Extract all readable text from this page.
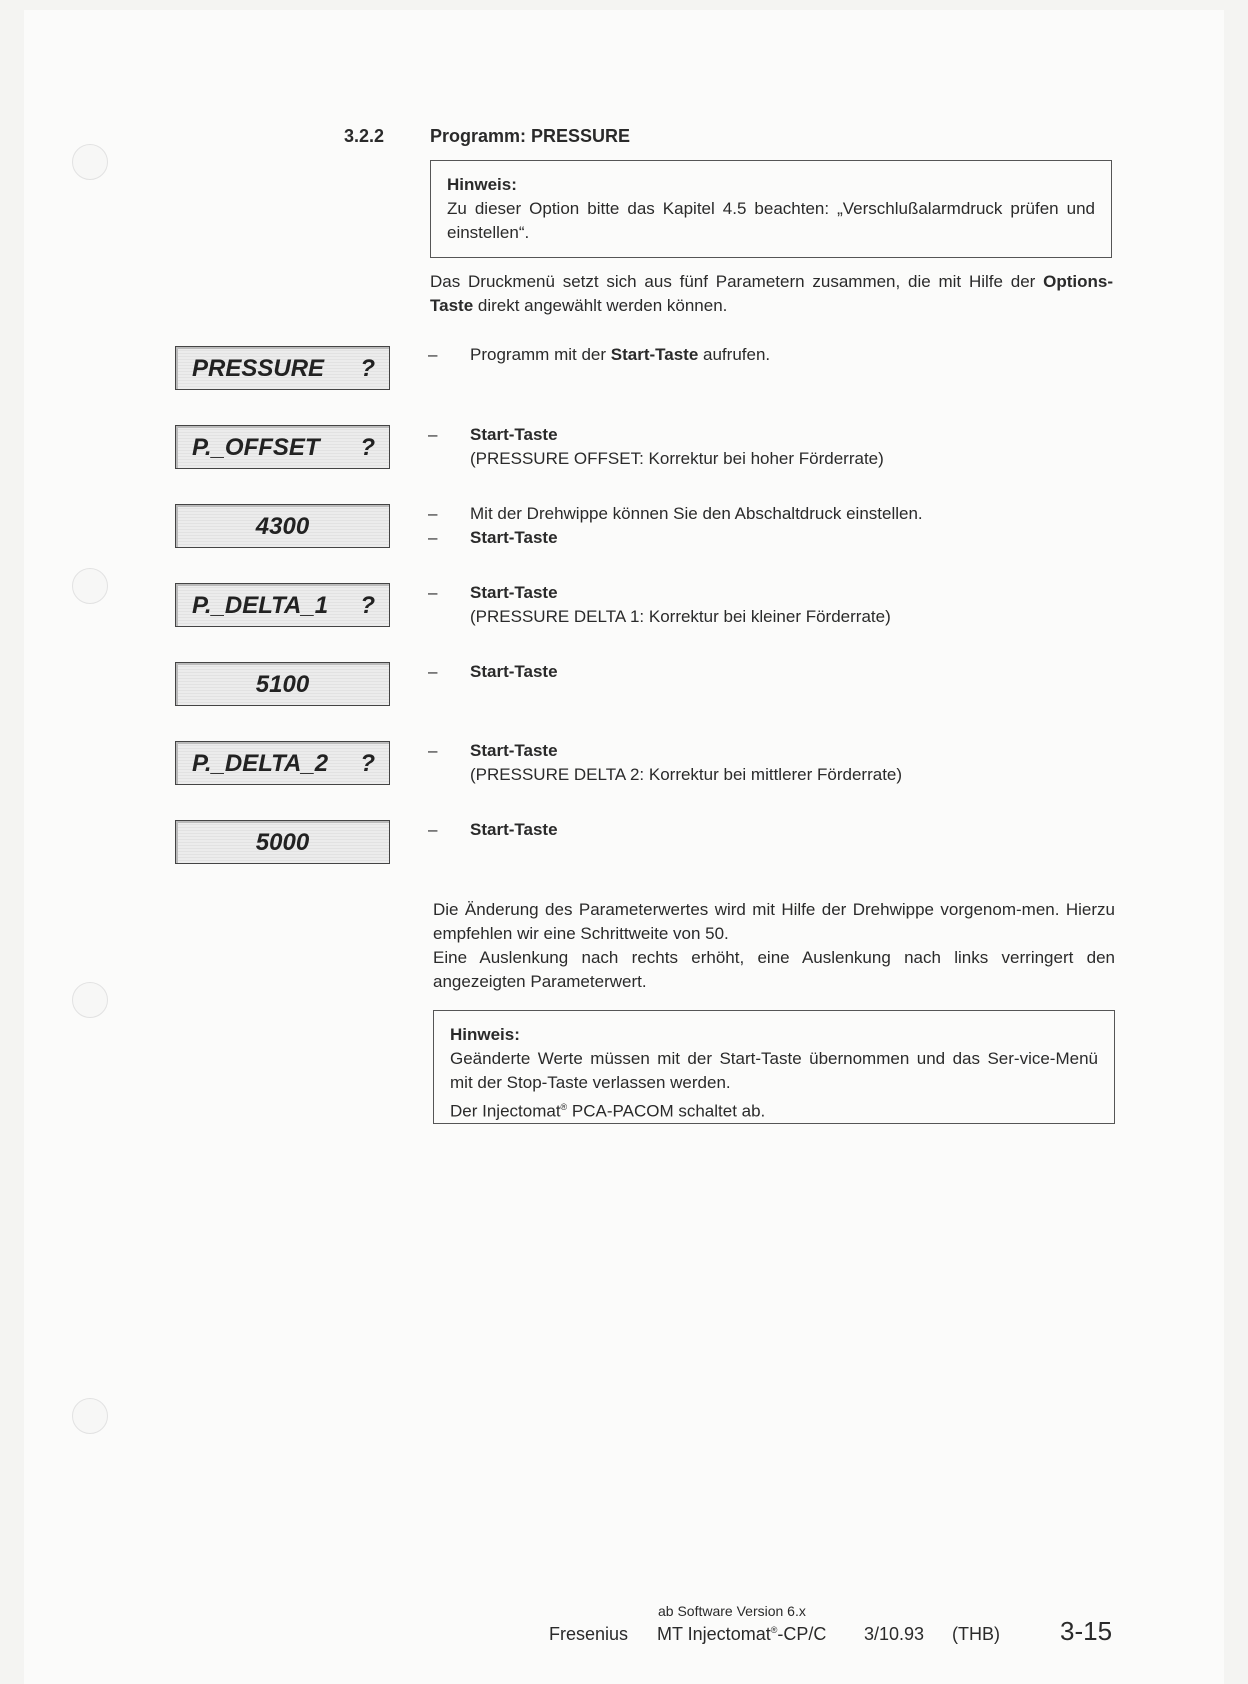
3.2.2	Programm: PRESSURE
Hinweis:
Zu dieser Option bitte das Kapitel 4.5 beachten: „Verschlußalarmdruck prüfen und einstellen“.
Das Druckmenü setzt sich aus fünf Parametern zusammen, die mit Hilfe der Options-Taste direkt angewählt werden können.
PRESSURE ?
P._OFFSET ?
4300
P._DELTA_1 ?
5100
P._DELTA_2 ?
5000
– Programm mit der Start-Taste aufrufen.
– Start-Taste
(PRESSURE OFFSET: Korrektur bei hoher Förderrate)
– Mit der Drehwippe können Sie den Abschaltdruck einstellen.
– Start-Taste
– Start-Taste
(PRESSURE DELTA 1: Korrektur bei kleiner Förderrate)
– Start-Taste
– Start-Taste
(PRESSURE DELTA 2: Korrektur bei mittlerer Förderrate)
– Start-Taste
Die Änderung des Parameterwertes wird mit Hilfe der Drehwippe vorgenom-men. Hierzu empfehlen wir eine Schrittweite von 50.
Eine Auslenkung nach rechts erhöht, eine Auslenkung nach links verringert den angezeigten Parameterwert.
Hinweis:
Geänderte Werte müssen mit der Start-Taste übernommen und das Ser-vice-Menü mit der Stop-Taste verlassen werden.
Der Injectomat® PCA-PACOM schaltet ab.
ab Software Version 6.x
Fresenius MT Injectomat®-CP/C 3/10.93 (THB) 3-15
